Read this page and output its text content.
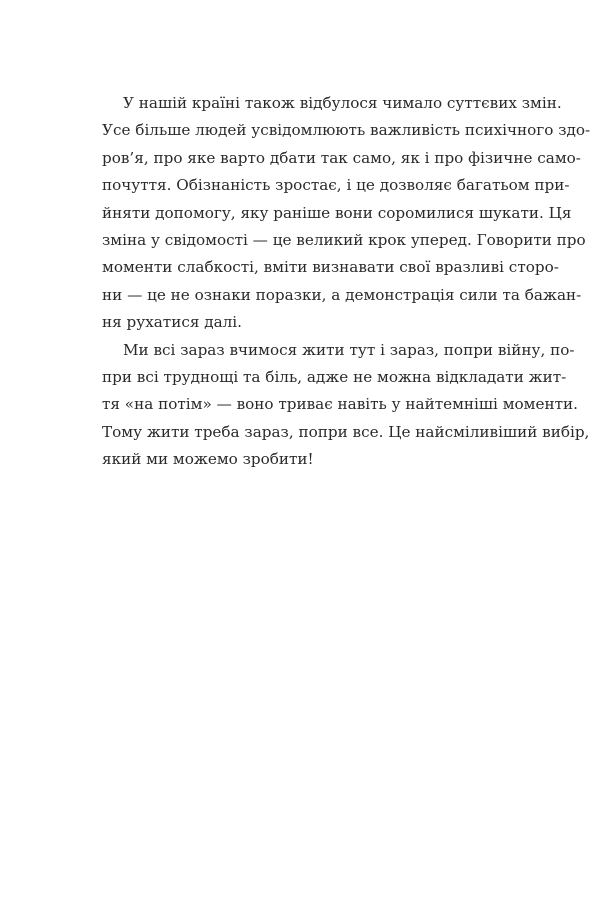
У нашій країні також відбулося чимало суттєвих змін.
Усе більше людей усвідомлюють важливість психічного здо-
ров’я, про яке варто дбати так само, як і про фізичне само-
почуття. Обізнаність зростає, і це дозволяє багатьом при-
йняти допомогу, яку раніше вони соромилися шукати. Ця
зміна у свідомості — це великий крок уперед. Говорити про
моменти слабкості, вміти визнавати свої вразливі сторо-
ни — це не ознаки поразки, а демонстрація сили та бажан-
ня рухатися далі.
Ми всі зараз вчимося жити тут і зараз, попри війну, по-
при всі труднощі та біль, адже не можна відкладати жит-
тя «на потім» — воно триває навіть у найтемніші моменти.
Тому жити треба зараз, попри все. Це найсміливіший вибір,
який ми можемо зробити!
